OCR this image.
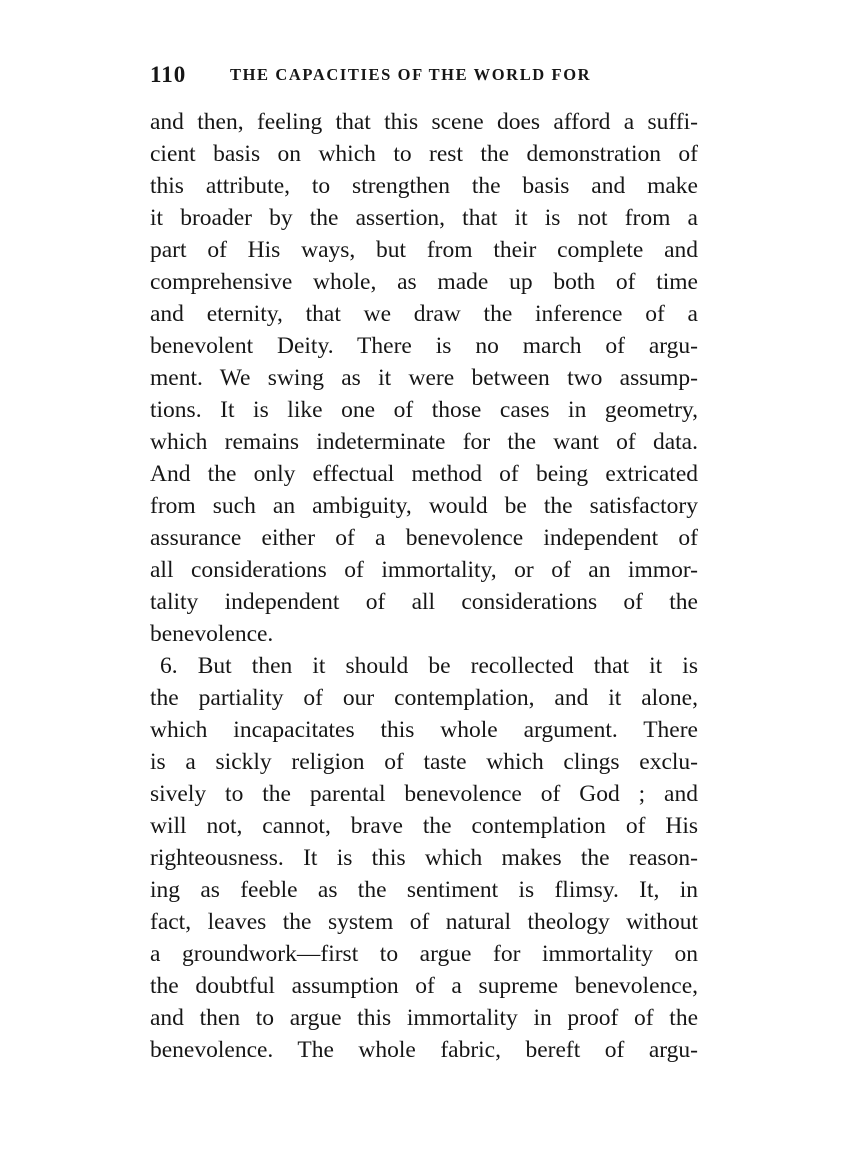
110	THE CAPACITIES OF THE WORLD FOR
and then, feeling that this scene does afford a suffi-
cient basis on which to rest the demonstration of
this attribute, to strengthen the basis and make
it broader by the assertion, that it is not from a
part of His ways, but from their complete and
comprehensive whole, as made up both of time
and eternity, that we draw the inference of a
benevolent Deity. There is no march of argu-
ment. We swing as it were between two assump-
tions. It is like one of those cases in geometry,
which remains indeterminate for the want of data.
And the only effectual method of being extricated
from such an ambiguity, would be the satisfactory
assurance either of a benevolence independent of
all considerations of immortality, or of an immor-
tality independent of all considerations of the
benevolence.
6. But then it should be recollected that it is
the partiality of our contemplation, and it alone,
which incapacitates this whole argument. There
is a sickly religion of taste which clings exclu-
sively to the parental benevolence of God ; and
will not, cannot, brave the contemplation of His
righteousness. It is this which makes the reason-
ing as feeble as the sentiment is flimsy. It, in
fact, leaves the system of natural theology without
a groundwork—first to argue for immortality on
the doubtful assumption of a supreme benevolence,
and then to argue this immortality in proof of the
benevolence. The whole fabric, bereft of argu-
